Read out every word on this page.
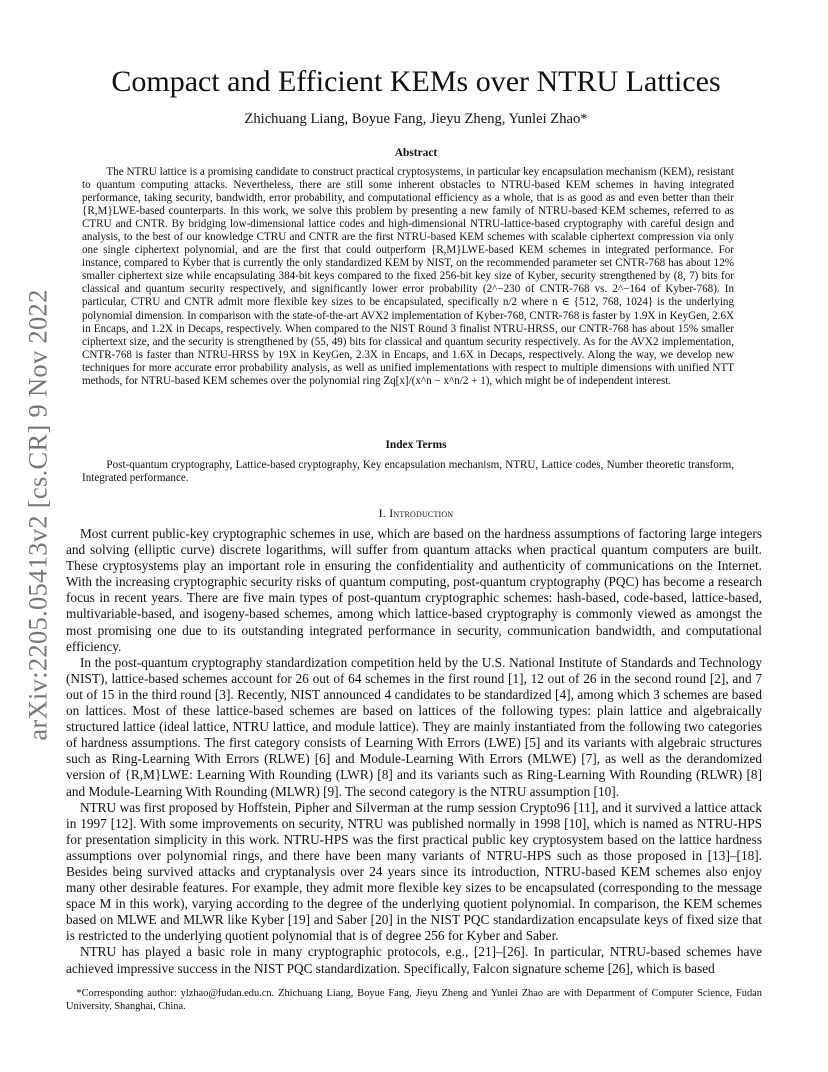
arXiv:2205.05413v2 [cs.CR] 9 Nov 2022
Compact and Efficient KEMs over NTRU Lattices
Zhichuang Liang, Boyue Fang, Jieyu Zheng, Yunlei Zhao*
Abstract

The NTRU lattice is a promising candidate to construct practical cryptosystems, in particular key encapsulation mechanism (KEM), resistant to quantum computing attacks. Nevertheless, there are still some inherent obstacles to NTRU-based KEM schemes in having integrated performance, taking security, bandwidth, error probability, and computational efficiency as a whole, that is as good as and even better than their {R,M}LWE-based counterparts. In this work, we solve this problem by presenting a new family of NTRU-based KEM schemes, referred to as CTRU and CNTR. By bridging low-dimensional lattice codes and high-dimensional NTRU-lattice-based cryptography with careful design and analysis, to the best of our knowledge CTRU and CNTR are the first NTRU-based KEM schemes with scalable ciphertext compression via only one single ciphertext polynomial, and are the first that could outperform {R,M}LWE-based KEM schemes in integrated performance. For instance, compared to Kyber that is currently the only standardized KEM by NIST, on the recommended parameter set CNTR-768 has about 12% smaller ciphertext size while encapsulating 384-bit keys compared to the fixed 256-bit key size of Kyber, security strengthened by (8, 7) bits for classical and quantum security respectively, and significantly lower error probability (2^−230 of CNTR-768 vs. 2^−164 of Kyber-768). In particular, CTRU and CNTR admit more flexible key sizes to be encapsulated, specifically n/2 where n ∈ {512, 768, 1024} is the underlying polynomial dimension. In comparison with the state-of-the-art AVX2 implementation of Kyber-768, CNTR-768 is faster by 1.9X in KeyGen, 2.6X in Encaps, and 1.2X in Decaps, respectively. When compared to the NIST Round 3 finalist NTRU-HRSS, our CNTR-768 has about 15% smaller ciphertext size, and the security is strengthened by (55, 49) bits for classical and quantum security respectively. As for the AVX2 implementation, CNTR-768 is faster than NTRU-HRSS by 19X in KeyGen, 2.3X in Encaps, and 1.6X in Decaps, respectively. Along the way, we develop new techniques for more accurate error probability analysis, as well as unified implementations with respect to multiple dimensions with unified NTT methods, for NTRU-based KEM schemes over the polynomial ring Zq[x]/(x^n − x^n/2 + 1), which might be of independent interest.

Index Terms

Post-quantum cryptography, Lattice-based cryptography, Key encapsulation mechanism, NTRU, Lattice codes, Number theoretic transform, Integrated performance.

I. Introduction

Most current public-key cryptographic schemes in use, which are based on the hardness assumptions of factoring large integers and solving (elliptic curve) discrete logarithms, will suffer from quantum attacks when practical quantum computers are built. These cryptosystems play an important role in ensuring the confidentiality and authenticity of communications on the Internet. With the increasing cryptographic security risks of quantum computing, post-quantum cryptography (PQC) has become a research focus in recent years. There are five main types of post-quantum cryptographic schemes: hash-based, code-based, lattice-based, multivariable-based, and isogeny-based schemes, among which lattice-based cryptography is commonly viewed as amongst the most promising one due to its outstanding integrated performance in security, communication bandwidth, and computational efficiency.

In the post-quantum cryptography standardization competition held by the U.S. National Institute of Standards and Technology (NIST), lattice-based schemes account for 26 out of 64 schemes in the first round [1], 12 out of 26 in the second round [2], and 7 out of 15 in the third round [3]. Recently, NIST announced 4 candidates to be standardized [4], among which 3 schemes are based on lattices. Most of these lattice-based schemes are based on lattices of the following types: plain lattice and algebraically structured lattice (ideal lattice, NTRU lattice, and module lattice). They are mainly instantiated from the following two categories of hardness assumptions. The first category consists of Learning With Errors (LWE) [5] and its variants with algebraic structures such as Ring-Learning With Errors (RLWE) [6] and Module-Learning With Errors (MLWE) [7], as well as the derandomized version of {R,M}LWE: Learning With Rounding (LWR) [8] and its variants such as Ring-Learning With Rounding (RLWR) [8] and Module-Learning With Rounding (MLWR) [9]. The second category is the NTRU assumption [10].

NTRU was first proposed by Hoffstein, Pipher and Silverman at the rump session Crypto96 [11], and it survived a lattice attack in 1997 [12]. With some improvements on security, NTRU was published normally in 1998 [10], which is named as NTRU-HPS for presentation simplicity in this work. NTRU-HPS was the first practical public key cryptosystem based on the lattice hardness assumptions over polynomial rings, and there have been many variants of NTRU-HPS such as those proposed in [13]–[18]. Besides being survived attacks and cryptanalysis over 24 years since its introduction, NTRU-based KEM schemes also enjoy many other desirable features. For example, they admit more flexible key sizes to be encapsulated (corresponding to the message space M in this work), varying according to the degree of the underlying quotient polynomial. In comparison, the KEM schemes based on MLWE and MLWR like Kyber [19] and Saber [20] in the NIST PQC standardization encapsulate keys of fixed size that is restricted to the underlying quotient polynomial that is of degree 256 for Kyber and Saber.

NTRU has played a basic role in many cryptographic protocols, e.g., [21]–[26]. In particular, NTRU-based schemes have achieved impressive success in the NIST PQC standardization. Specifically, Falcon signature scheme [26], which is based

*Corresponding author: ylzhao@fudan.edu.cn. Zhichuang Liang, Boyue Fang, Jieyu Zheng and Yunlei Zhao are with Department of Computer Science, Fudan University, Shanghai, China.
